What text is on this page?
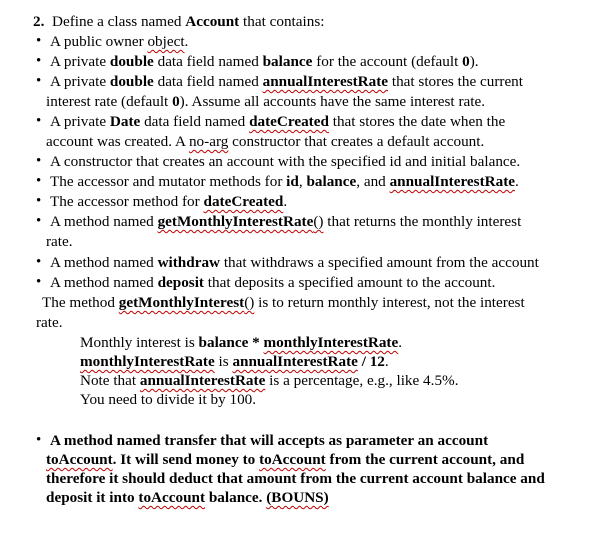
2. Define a class named Account that contains:
• A public owner object.
• A private double data field named balance for the account (default 0).
• A private double data field named annualInterestRate that stores the current
interest rate (default 0). Assume all accounts have the same interest rate.
• A private Date data field named dateCreated that stores the date when the
account was created. A no-arg constructor that creates a default account.
• A constructor that creates an account with the specified id and initial balance.
• The accessor and mutator methods for id, balance, and annualInterestRate.
• The accessor method for dateCreated.
• A method named getMonthlyInterestRate() that returns the monthly interest
rate.
• A method named withdraw that withdraws a specified amount from the account
• A method named deposit that deposits a specified amount to the account.
The method getMonthlyInterest() is to return monthly interest, not the interest
rate.
Monthly interest is balance * monthlyInterestRate.
monthlyInterestRate is annualInterestRate / 12.
Note that annualInterestRate is a percentage, e.g., like 4.5%.
You need to divide it by 100.
• A method named transfer that will accepts as parameter an account
toAccount. It will send money to toAccount from the current account, and
therefore it should deduct that amount from the current account balance and
deposit it into toAccount balance. (BOUNS)
